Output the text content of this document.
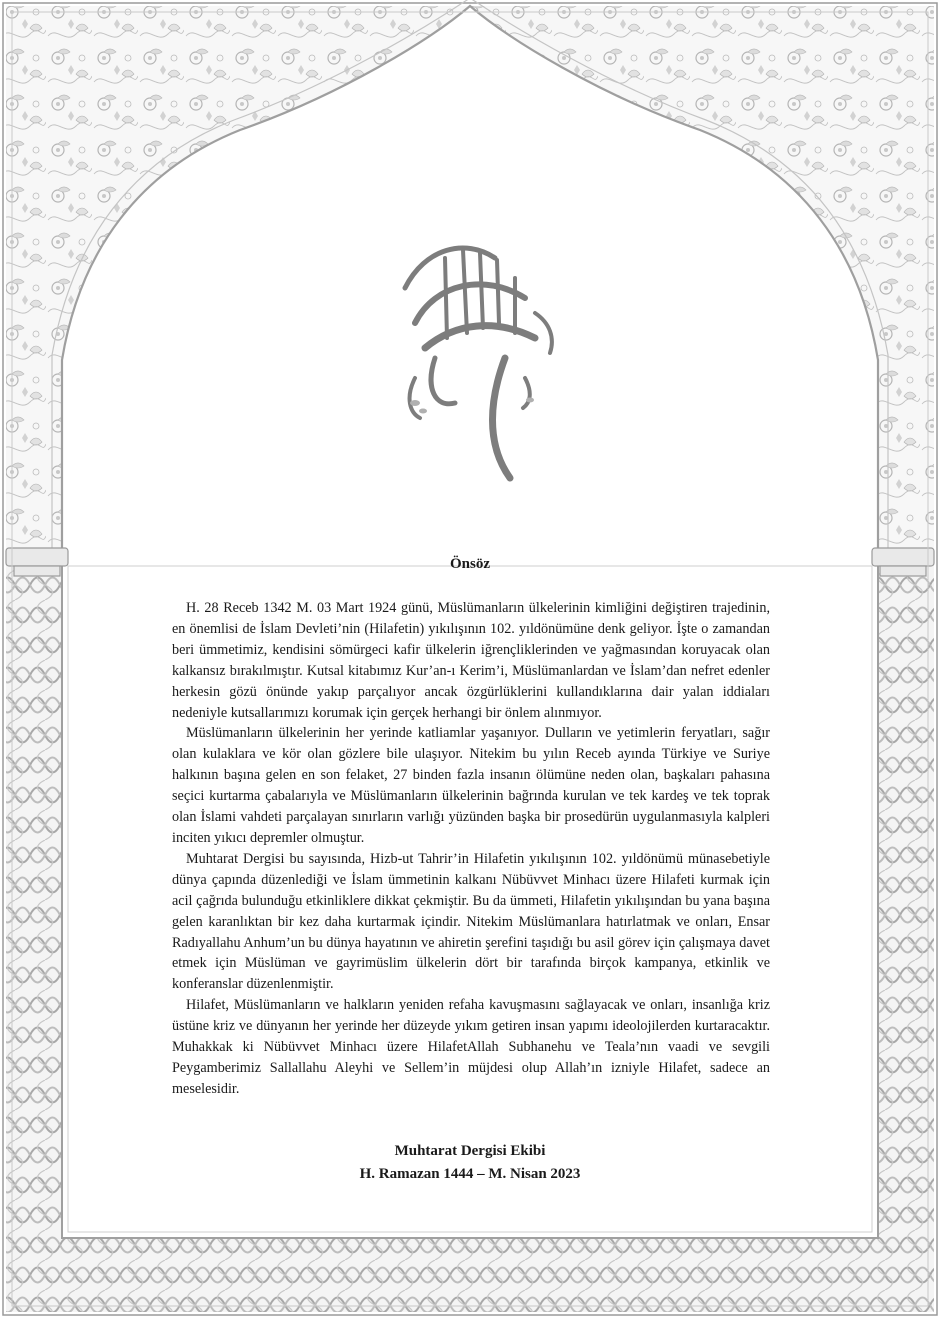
Önsöz

H. 28 Receb 1342 M. 03 Mart 1924 günü, Müslümanların ülkelerinin kimliğini değiştiren trajedinin, en önemlisi de İslam Devleti’nin (Hilafetin) yıkılışının 102. yıldönümüne denk geliyor. İşte o zamandan beri ümmetimiz, kendisini sömürgeci kafir ülkelerin iğrençliklerinden ve yağmasından koruyacak olan kalkansız bırakılmıştır. Kutsal kitabımız Kur’an-ı Kerim’i, Müslümanlardan ve İslam’dan nefret edenler herkesin gözü önünde yakıp parçalıyor ancak özgürlüklerini kullandıklarına dair yalan iddiaları nedeniyle kutsallarımızı korumak için gerçek herhangi bir önlem alınmıyor.

Müslümanların ülkelerinin her yerinde katliamlar yaşanıyor. Dulların ve yetimlerin feryatları, sağır olan kulaklara ve kör olan gözlere bile ulaşıyor. Nitekim bu yılın Receb ayında Türkiye ve Suriye halkının başına gelen en son felaket, 27 binden fazla insanın ölümüne neden olan, başkaları pahasına seçici kurtarma çabalarıyla ve Müslümanların ülkelerinin bağrında kurulan ve tek kardeş ve tek toprak olan İslami vahdeti parçalayan sınırların varlığı yüzünden başka bir prosedürün uygulanmasıyla kalpleri inciten yıkıcı depremler olmuştur.

Muhtarat Dergisi bu sayısında, Hizb-ut Tahrir’in Hilafetin yıkılışının 102. yıldönümü münasebetiyle dünya çapında düzenlediği ve İslam ümmetinin kalkanı Nübüvvet Minhacı üzere Hilafeti kurmak için acil çağrıda bulunduğu etkinliklere dikkat çekmiştir. Bu da ümmeti, Hilafetin yıkılışından bu yana başına gelen karanlıktan bir kez daha kurtarmak içindir. Nitekim Müslümanlara hatırlatmak ve onları, Ensar Radıyallahu Anhum’un bu dünya hayatının ve ahiretin şerefini taşıdığı bu asil görev için çalışmaya davet etmek için Müslüman ve gayrimüslim ülkelerin dört bir tarafında birçok kampanya, etkinlik ve konferanslar düzenlenmiştir.

Hilafet, Müslümanların ve halkların yeniden refaha kavuşmasını sağlayacak ve onları, insanlığa kriz üstüne kriz ve dünyanın her yerinde her düzeyde yıkım getiren insan yapımı ideolojilerden kurtaracaktır. Muhakkak ki Nübüvvet Minhacı üzere HilafetAllah Subhanehu ve Teala’nın vaadi ve sevgili Peygamberimiz Sallallahu Aleyhi ve Sellem’in müjdesi olup Allah’ın izniyle Hilafet, sadece an meselesidir.

Muhtarat Dergisi Ekibi
H. Ramazan 1444 – M. Nisan 2023
